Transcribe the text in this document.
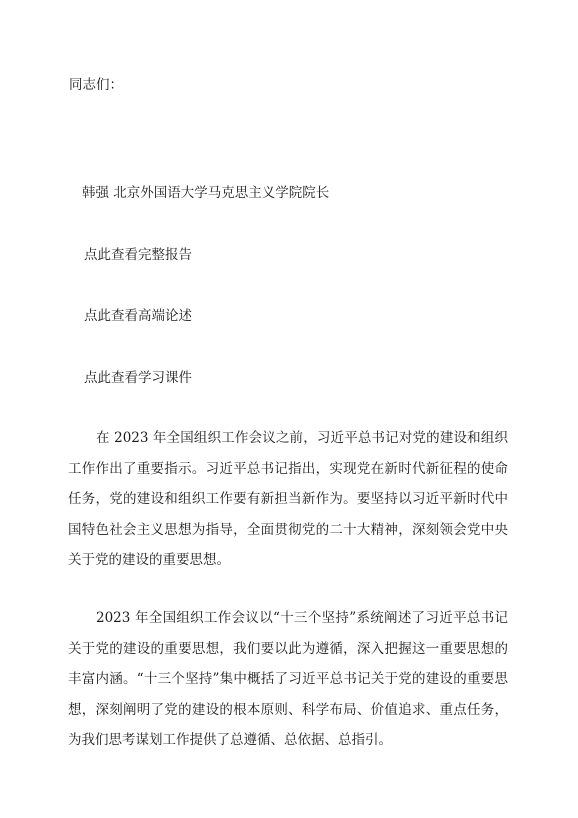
同志们：
韩强 北京外国语大学马克思主义学院院长
点此查看完整报告
点此查看高端论述
点此查看学习课件
在 2023 年全国组织工作会议之前，习近平总书记对党的建设和组织工作作出了重要指示。习近平总书记指出，实现党在新时代新征程的使命任务，党的建设和组织工作要有新担当新作为。要坚持以习近平新时代中国特色社会主义思想为指导，全面贯彻党的二十大精神，深刻领会党中央关于党的建设的重要思想。
2023 年全国组织工作会议以“十三个坚持”系统阐述了习近平总书记关于党的建设的重要思想，我们要以此为遵循，深入把握这一重要思想的丰富内涵。“十三个坚持”集中概括了习近平总书记关于党的建设的重要思想，深刻阐明了党的建设的根本原则、科学布局、价值追求、重点任务，为我们思考谋划工作提供了总遵循、总依据、总指引。
